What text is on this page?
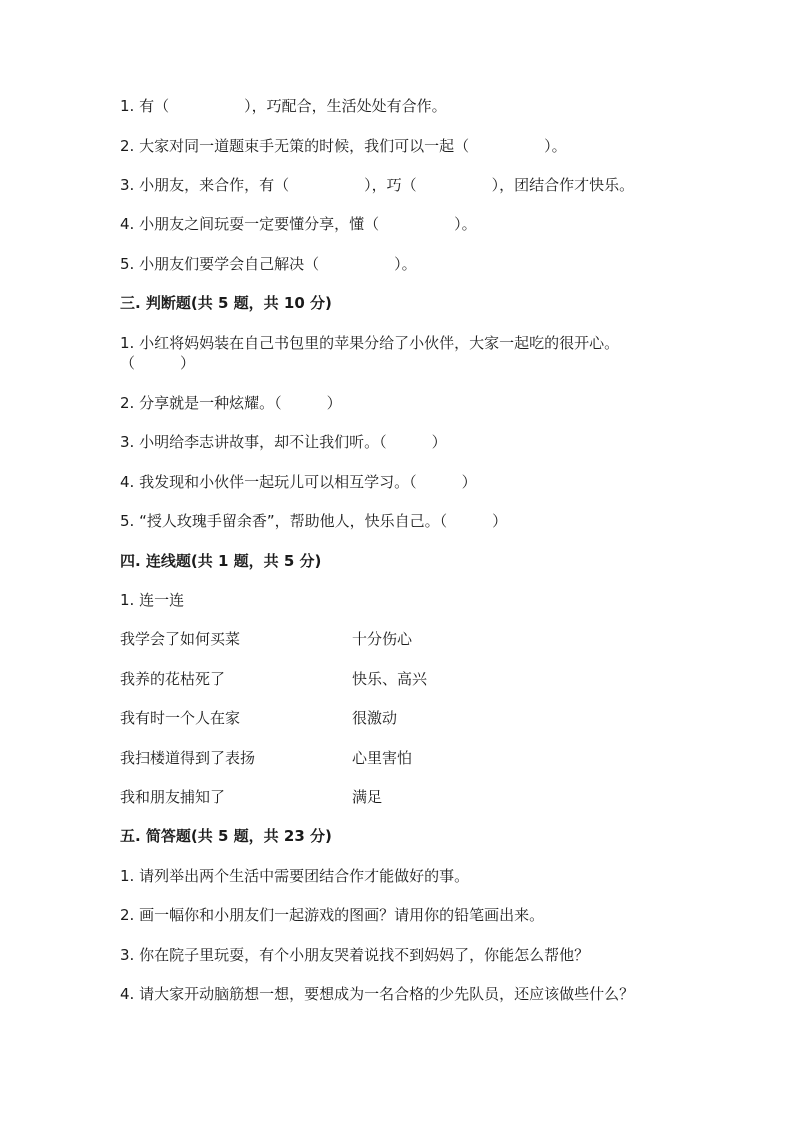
1. 有（　　　　　），巧配合，生活处处有合作。
2. 大家对同一道题束手无策的时候，我们可以一起（　　　　　）。
3. 小朋友，来合作，有（　　　　　），巧（　　　　　），团结合作才快乐。
4. 小朋友之间玩耍一定要懂分享，懂（　　　　　）。
5. 小朋友们要学会自己解决（　　　　　）。
三. 判断题(共 5 题，共 10 分)
1. 小红将妈妈装在自己书包里的苹果分给了小伙伴，大家一起吃的很开心。
（　　　）
2. 分享就是一种炫耀。（　　　）
3. 小明给李志讲故事，却不让我们听。（　　　）
4. 我发现和小伙伴一起玩儿可以相互学习。（　　　）
5. “授人玫瑰手留余香”，帮助他人，快乐自己。（　　　）
四. 连线题(共 1 题，共 5 分)
1. 连一连
我学会了如何买菜	十分伤心
我养的花枯死了	快乐、高兴
我有时一个人在家	很激动
我扫楼道得到了表扬	心里害怕
我和朋友捕知了	满足
五. 简答题(共 5 题，共 23 分)
1. 请列举出两个生活中需要团结合作才能做好的事。
2. 画一幅你和小朋友们一起游戏的图画？请用你的铅笔画出来。
3. 你在院子里玩耍，有个小朋友哭着说找不到妈妈了，你能怎么帮他？
4. 请大家开动脑筋想一想，要想成为一名合格的少先队员，还应该做些什么？
